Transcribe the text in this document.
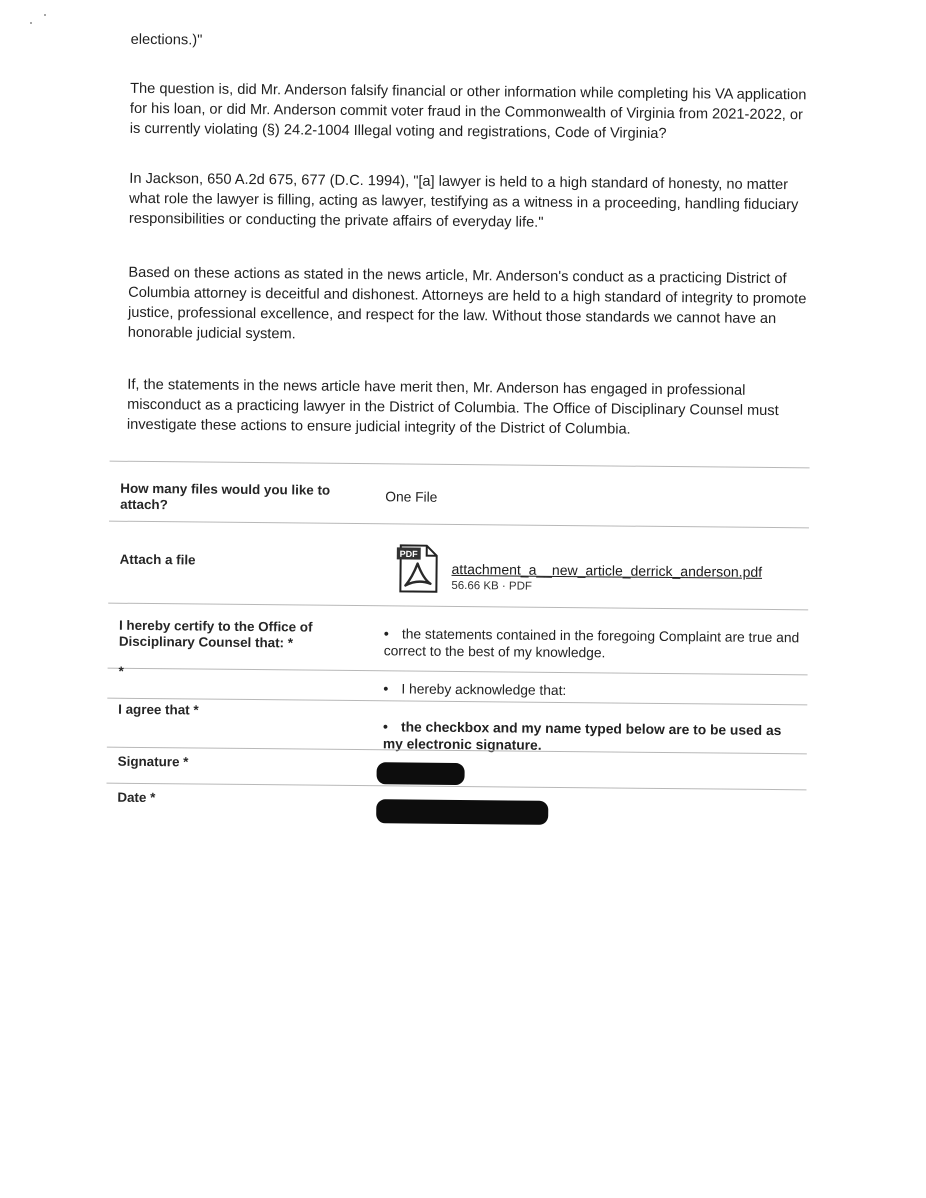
elections.)"

The question is, did Mr. Anderson falsify financial or other information while completing his VA application for his loan, or did Mr. Anderson commit voter fraud in the Commonwealth of Virginia from 2021-2022, or is currently violating (§) 24.2-1004 Illegal voting and registrations, Code of Virginia?

In Jackson, 650 A.2d 675, 677 (D.C. 1994), "[a] lawyer is held to a high standard of honesty, no matter what role the lawyer is filling, acting as lawyer, testifying as a witness in a proceeding, handling fiduciary responsibilities or conducting the private affairs of everyday life."

Based on these actions as stated in the news article, Mr. Anderson's conduct as a practicing District of Columbia attorney is deceitful and dishonest. Attorneys are held to a high standard of integrity to promote justice, professional excellence, and respect for the law. Without those standards we cannot have an honorable judicial system.

If, the statements in the news article have merit then, Mr. Anderson has engaged in professional misconduct as a practicing lawyer in the District of Columbia. The Office of Disciplinary Counsel must investigate these actions to ensure judicial integrity of the District of Columbia.

How many files would you like to attach?	One File
Attach a file	PDF
attachment_a__new_article_derrick_anderson.pdf
56.66 KB · PDF
I hereby certify to the Office of Disciplinary Counsel that: *
•	the statements contained in the foregoing Complaint are true and correct to the best of my knowledge.
*
• I hereby acknowledge that:
I agree that *
• the checkbox and my name typed below are to be used as my electronic signature.
Signature *
Date *
